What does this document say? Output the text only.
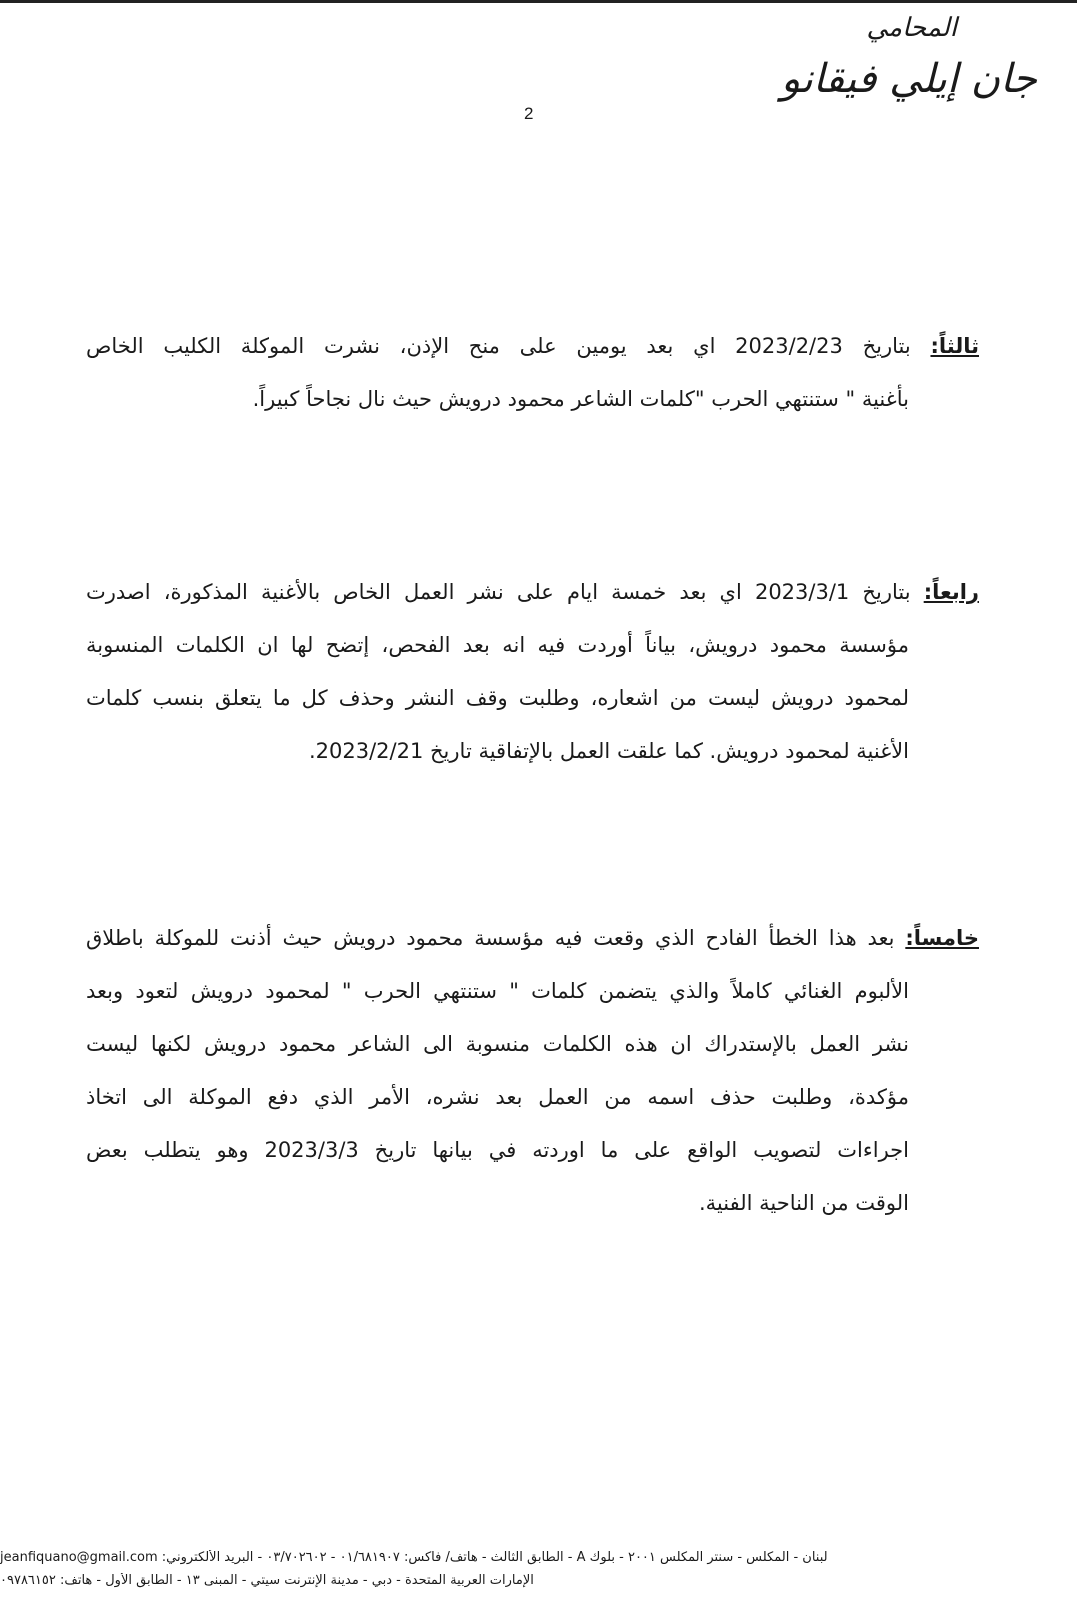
المحامي
جان إيلي فيقانو
2
ثالثاً: بتاريخ 2023/2/23 اي بعد يومين على منح الإذن، نشرت الموكلة الكليب الخاص
بأغنية " ستنتهي الحرب "كلمات الشاعر محمود درويش حيث نال نجاحاً كبيراً.
رابعاً: بتاريخ 2023/3/1 اي بعد خمسة ايام على نشر العمل الخاص بالأغنية المذكورة، اصدرت
مؤسسة محمود درويش، بياناً أوردت فيه انه بعد الفحص، إتضح لها ان الكلمات المنسوبة
لمحمود درويش ليست من اشعاره، وطلبت وقف النشر وحذف كل ما يتعلق بنسب كلمات
الأغنية لمحمود درويش. كما علقت العمل بالإتفاقية تاريخ 2023/2/21.
خامساً: بعد هذا الخطأ الفادح الذي وقعت فيه مؤسسة محمود درويش حيث أذنت للموكلة باطلاق
الألبوم الغنائي كاملاً والذي يتضمن كلمات " ستنتهي الحرب " لمحمود درويش لتعود وبعد
نشر العمل بالإستدراك ان هذه الكلمات منسوبة الى الشاعر محمود درويش لكنها ليست
مؤكدة، وطلبت حذف اسمه من العمل بعد نشره، الأمر الذي دفع الموكلة الى اتخاذ
اجراءات لتصويب الواقع على ما اوردته في بيانها تاريخ 2023/3/3 وهو يتطلب بعض
الوقت من الناحية الفنية.
لبنان - المكلس - سنتر المكلس ٢٠٠١ - بلوك A - الطابق الثالث - هاتف/ فاكس: ٠١/٦٨١٩٠٧ - ٠٣/٧٠٢٦٠٢ - البريد الألكتروني: jeanfiquano@gmail.com
الإمارات العربية المتحدة - دبي - مدينة الإنترنت سيتي - المبنى ١٣ - الطابق الأول - هاتف: ٠٩٧٨٦١٥٢
